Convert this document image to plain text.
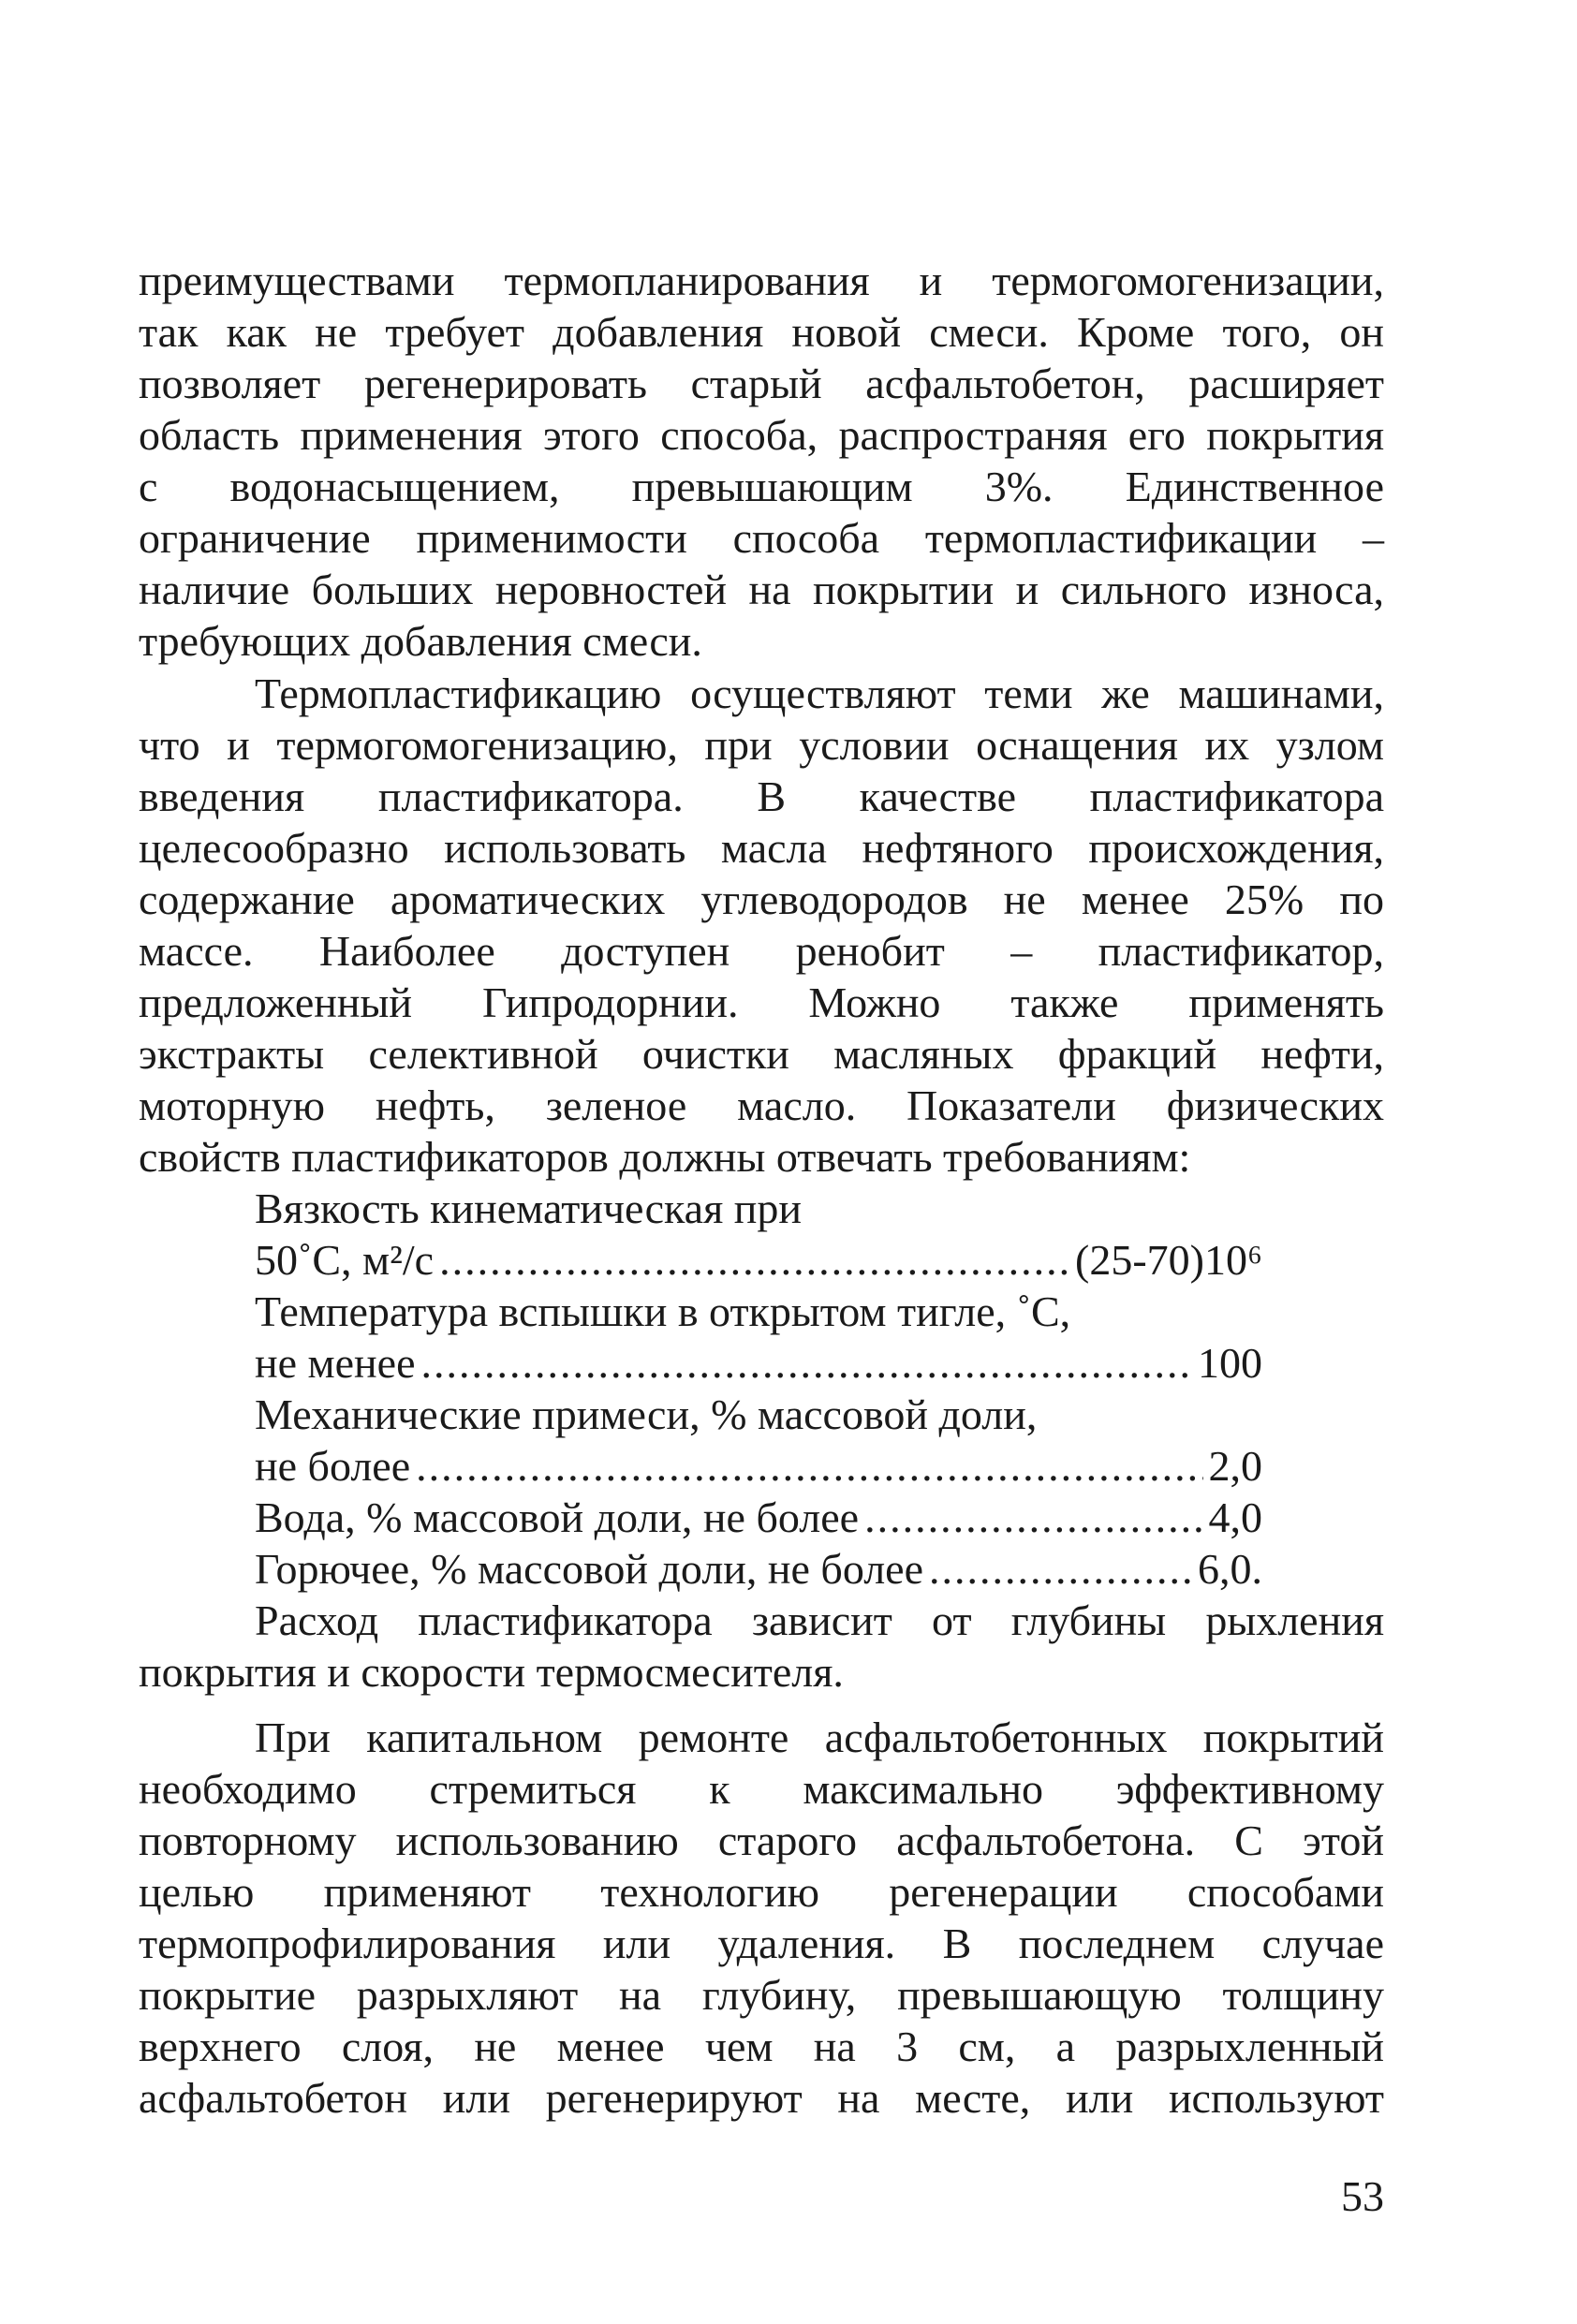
преимуществами термопланирования и термогомогенизации,
так как не требует добавления новой смеси. Кроме того, он
позволяет регенерировать старый асфальтобетон, расширяет
область применения этого способа, распространяя его покрытия
с водонасыщением, превышающим 3%. Единственное
ограничение применимости способа термопластификации –
наличие больших неровностей на покрытии и сильного износа,
требующих добавления смеси.
Термопластификацию осуществляют теми же машинами,
что и термогомогенизацию, при условии оснащения их узлом
введения пластификатора. В качестве пластификатора
целесообразно использовать масла нефтяного происхождения,
содержание ароматических углеводородов не менее 25% по
массе. Наиболее доступен ренобит – пластификатор,
предложенный Гипродорнии. Можно также применять
экстракты селективной очистки масляных фракций нефти,
моторную нефть, зеленое масло. Показатели физических
свойств пластификаторов должны отвечать требованиям:
Вязкость кинематическая при
50˚С, м²/с .....	(25-70)10⁶
Температура вспышки в открытом тигле, ˚С,
не менее .....	100
Механические примеси, % массовой доли,
не более .....	2,0
Вода, % массовой доли, не более .....	4,0
Горючее, % массовой доли, не более .....	6,0.
Расход пластификатора зависит от глубины рыхления
покрытия и скорости термосмесителя.
При капитальном ремонте асфальтобетонных покрытий
необходимо стремиться к максимально эффективному
повторному использованию старого асфальтобетона. С этой
целью применяют технологию регенерации способами
термопрофилирования или удаления. В последнем случае
покрытие разрыхляют на глубину, превышающую толщину
верхнего слоя, не менее чем на 3 см, а разрыхленный
асфальтобетон или регенерируют на месте, или используют
53
